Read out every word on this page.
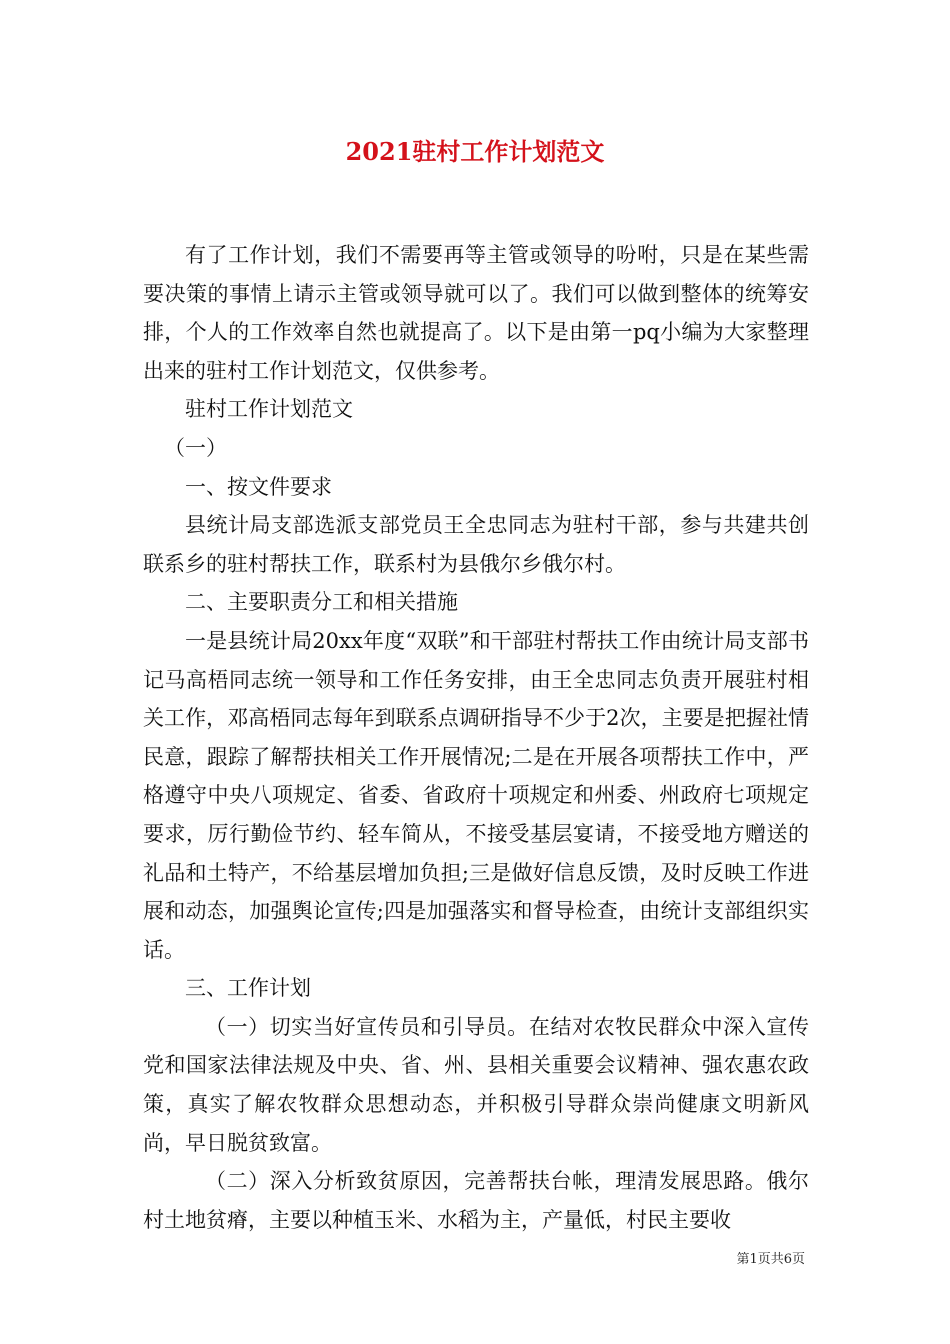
2021驻村工作计划范文

有了工作计划，我们不需要再等主管或领导的吩咐，只是在某些需要决策的事情上请示主管或领导就可以了。我们可以做到整体的统筹安排，个人的工作效率自然也就提高了。以下是由第一pq小编为大家整理出来的驻村工作计划范文，仅供参考。

驻村工作计划范文

（一）

一、按文件要求

县统计局支部选派支部党员王全忠同志为驻村干部，参与共建共创联系乡的驻村帮扶工作，联系村为县俄尔乡俄尔村。

二、主要职责分工和相关措施

一是县统计局20xx年度“双联”和干部驻村帮扶工作由统计局支部书记马高梧同志统一领导和工作任务安排，由王全忠同志负责开展驻村相关工作，邓高梧同志每年到联系点调研指导不少于2次，主要是把握社情民意，跟踪了解帮扶相关工作开展情况;二是在开展各项帮扶工作中，严格遵守中央八项规定、省委、省政府十项规定和州委、州政府七项规定要求，厉行勤俭节约、轻车简从，不接受基层宴请，不接受地方赠送的礼品和土特产，不给基层增加负担;三是做好信息反馈，及时反映工作进展和动态，加强舆论宣传;四是加强落实和督导检查，由统计支部组织实话。

三、工作计划

（一）切实当好宣传员和引导员。在结对农牧民群众中深入宣传党和国家法律法规及中央、省、州、县相关重要会议精神、强农惠农政策，真实了解农牧群众思想动态，并积极引导群众崇尚健康文明新风尚，早日脱贫致富。

（二）深入分析致贫原因，完善帮扶台帐，理清发展思路。俄尔村土地贫瘠，主要以种植玉米、水稻为主，产量低，村民主要收

第1页共6页
